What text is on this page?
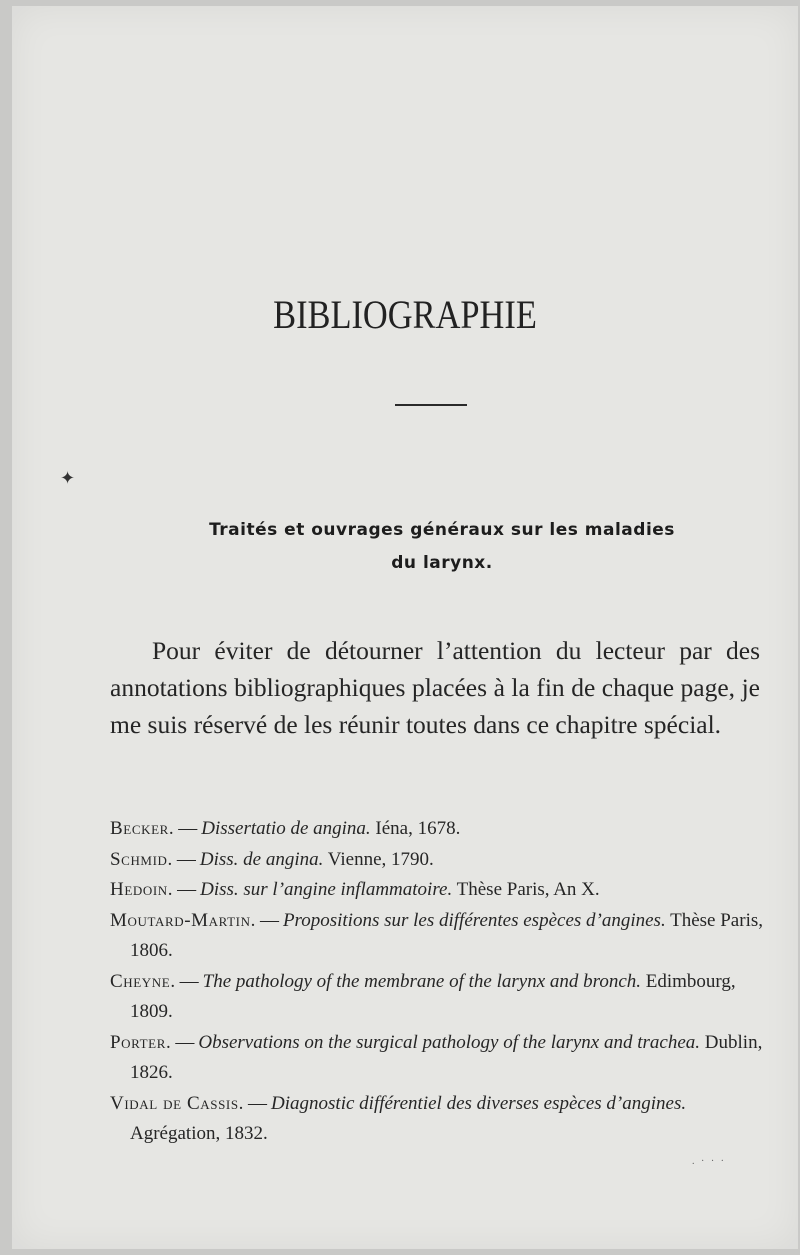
BIBLIOGRAPHIE
✦
Traités et ouvrages généraux sur les maladies
du larynx.
Pour éviter de détourner l’attention du lecteur par des annotations bibliographiques placées à la fin de chaque page, je me suis réservé de les réunir toutes dans ce chapitre spécial.
Becker. — Dissertatio de angina. Iéna, 1678.
Schmid. — Diss. de angina. Vienne, 1790.
Hedoin. — Diss. sur l’angine inflammatoire. Thèse Paris, An X.
Moutard-Martin. — Propositions sur les différentes espèces d’angines. Thèse Paris, 1806.
Cheyne. — The pathology of the membrane of the larynx and bronch. Edimbourg, 1809.
Porter. — Observations on the surgical pathology of the larynx and trachea. Dublin, 1826.
Vidal de Cassis. — Diagnostic différentiel des diverses espèces d’angines. Agrégation, 1832.
. · · ·
